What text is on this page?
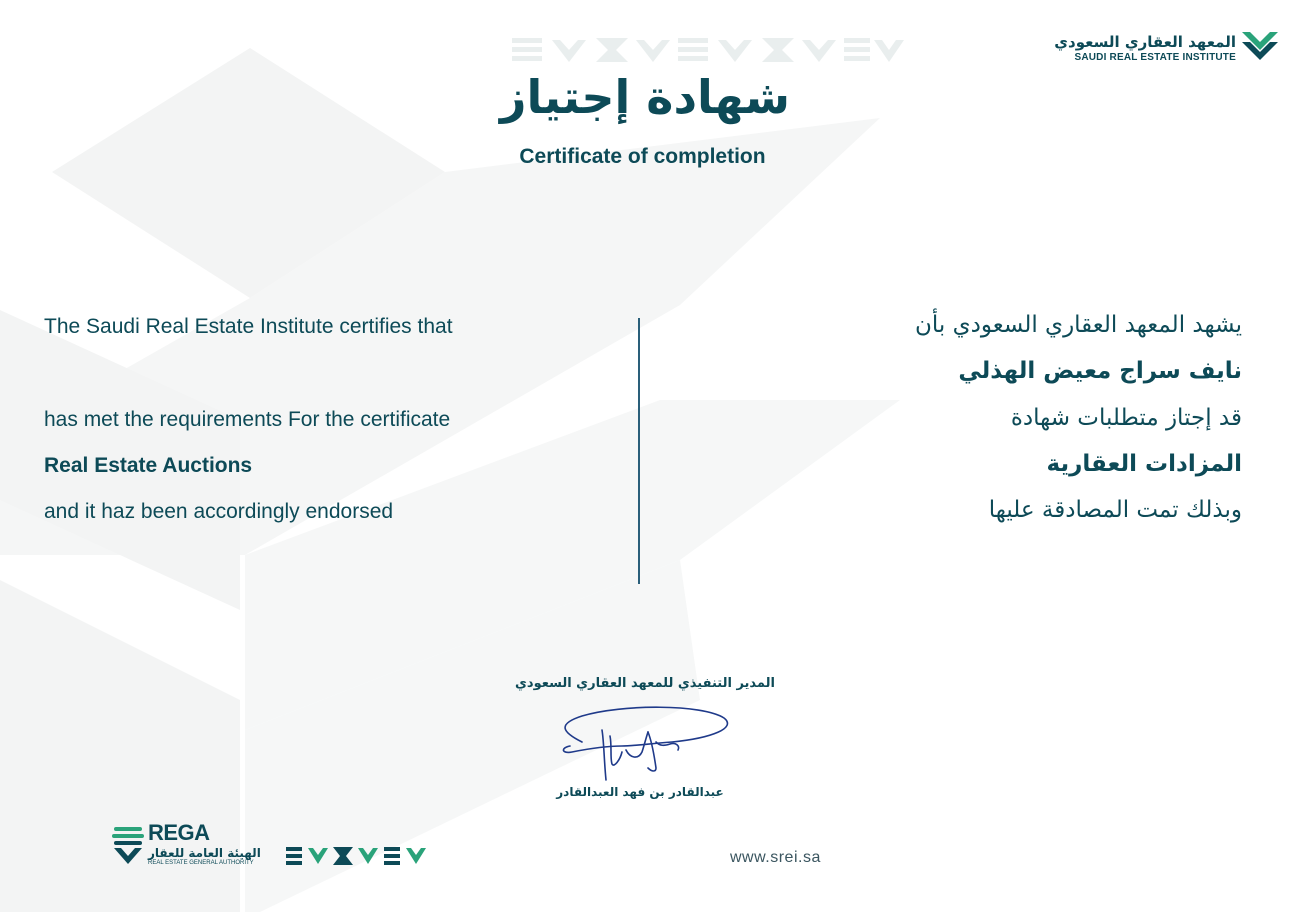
المعهد العقاري السعودي
SAUDI REAL ESTATE INSTITUTE
شهادة إجتياز
Certificate of completion
The Saudi Real Estate Institute certifies that
has met the requirements For the certificate
Real Estate Auctions
and it haz been accordingly endorsed
يشهد المعهد العقاري السعودي بأن
نايف سراج معيض الهذلي
قد إجتاز متطلبات شهادة
المزادات العقارية
وبذلك تمت المصادقة عليها
المدير التنفيذي للمعهد العقاري السعودي
عبدالقادر بن فهد العبدالقادر
REGA
الهيئة العامة للعقار
REAL ESTATE GENERAL AUTHORITY	www.srei.sa
